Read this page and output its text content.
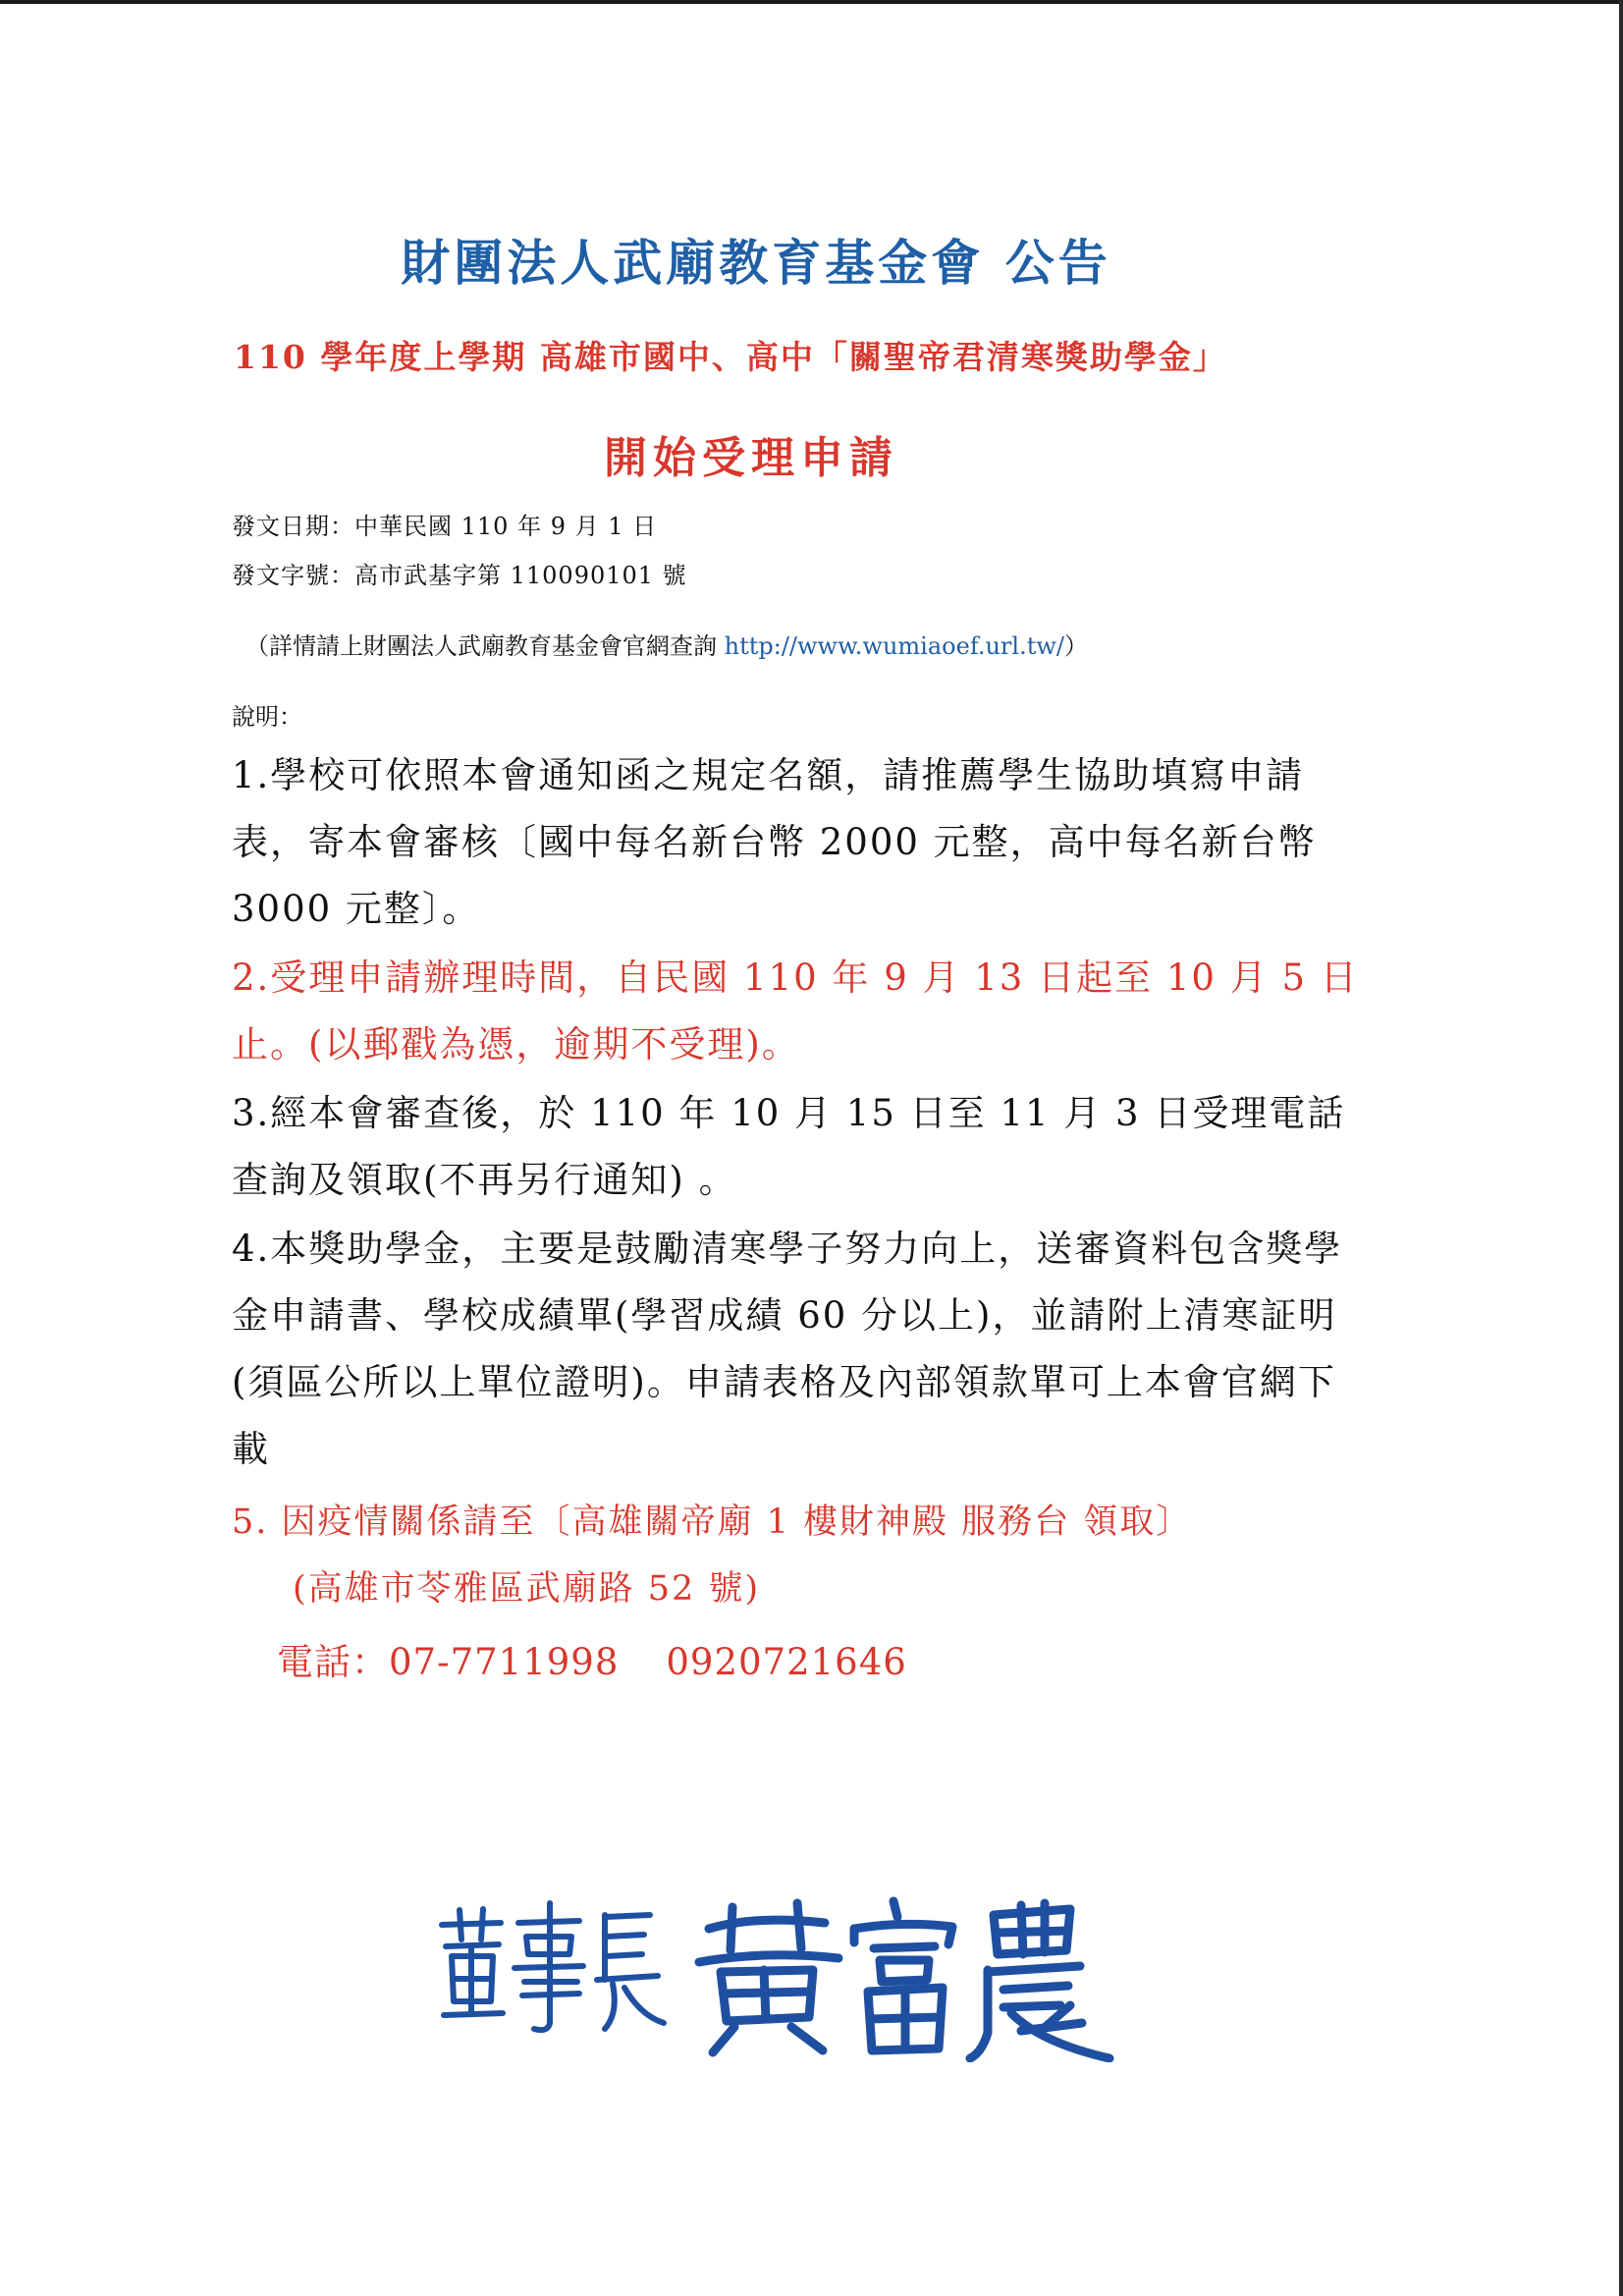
財團法人武廟教育基金會 公告
110 學年度上學期 高雄市國中、高中「關聖帝君清寒獎助學金」
開始受理申請
發文日期：中華民國 110 年 9 月 1 日
發文字號：高市武基字第 110090101 號
（詳情請上財團法人武廟教育基金會官網查詢 http://www.wumiaoef.url.tw/）
說明：
1.學校可依照本會通知函之規定名額，請推薦學生協助填寫申請表，寄本會審核〔國中每名新台幣 2000 元整，高中每名新台幣 3000 元整〕。
2.受理申請辦理時間，自民國 110 年 9 月 13 日起至 10 月 5 日止。(以郵戳為憑，逾期不受理)。
3.經本會審查後，於 110 年 10 月 15 日至 11 月 3 日受理電話查詢及領取(不再另行通知) 。
4.本獎助學金，主要是鼓勵清寒學子努力向上，送審資料包含獎學金申請書、學校成績單(學習成績 60 分以上)，並請附上清寒証明(須區公所以上單位證明)。申請表格及內部領款單可上本會官網下載
5. 因疫情關係請至〔高雄關帝廟 1 樓財神殿 服務台 領取〕
(高雄市苓雅區武廟路 52 號)
電話：07-7711998 0920721646
